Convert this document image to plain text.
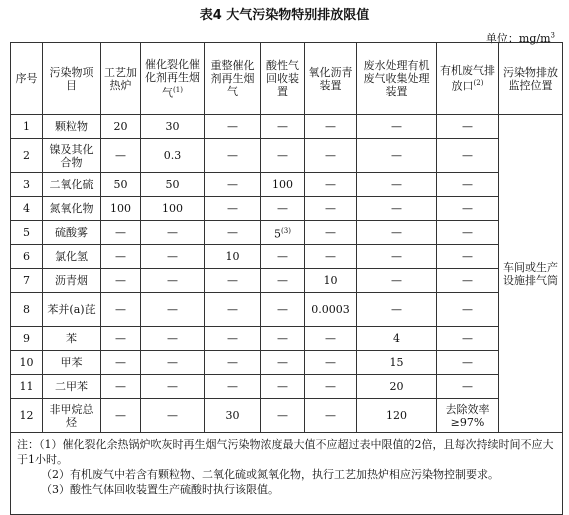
表4 大气污染物特别排放限值
单位：$mg/m^3$
序号	污染物项目	工艺加热炉	催化裂化催化剂再生烟气$^{(1)}$	重整催化剂再生烟气	酸性气回收装置	氧化沥青装置	废水处理有机废气收集处理装置	有机废气排放口$^{(2)}$	污染物排放监控位置
1	颗粒物	20	30	—	—	—	—	—	车间或生产设施排气筒
2	镍及其化合物	—	0.3	—	—	—	—	—	
3	二氧化硫	50	50	—	100	—	—	—	
4	氮氧化物	100	100	—	—	—	—	—	
5	硫酸雾	—	—	—	5$^{(3)}$	—	—	—	
6	氯化氢	—	—	10	—	—	—	—	
7	沥青烟	—	—	—	—	10	—	—	
8	苯并(a)芘	—	—	—	—	0.0003	—	—	
9	苯	—	—	—	—	—	4	—	
10	甲苯	—	—	—	—	—	15	—	
11	二甲苯	—	—	—	—	—	20	—	
12	非甲烷总烃	—	—	30	—	—	120	去除效率≥97%	

注：（1）催化裂化余热锅炉吹灰时再生烟气污染物浓度最大值不应超过表中限值的2倍，且每次持续时间不应大于1小时。
（2）有机废气中若含有颗粒物、二氧化硫或氮氧化物，执行工艺加热炉相应污染物控制要求。
（3）酸性气体回收装置生产硫酸时执行该限值。									
